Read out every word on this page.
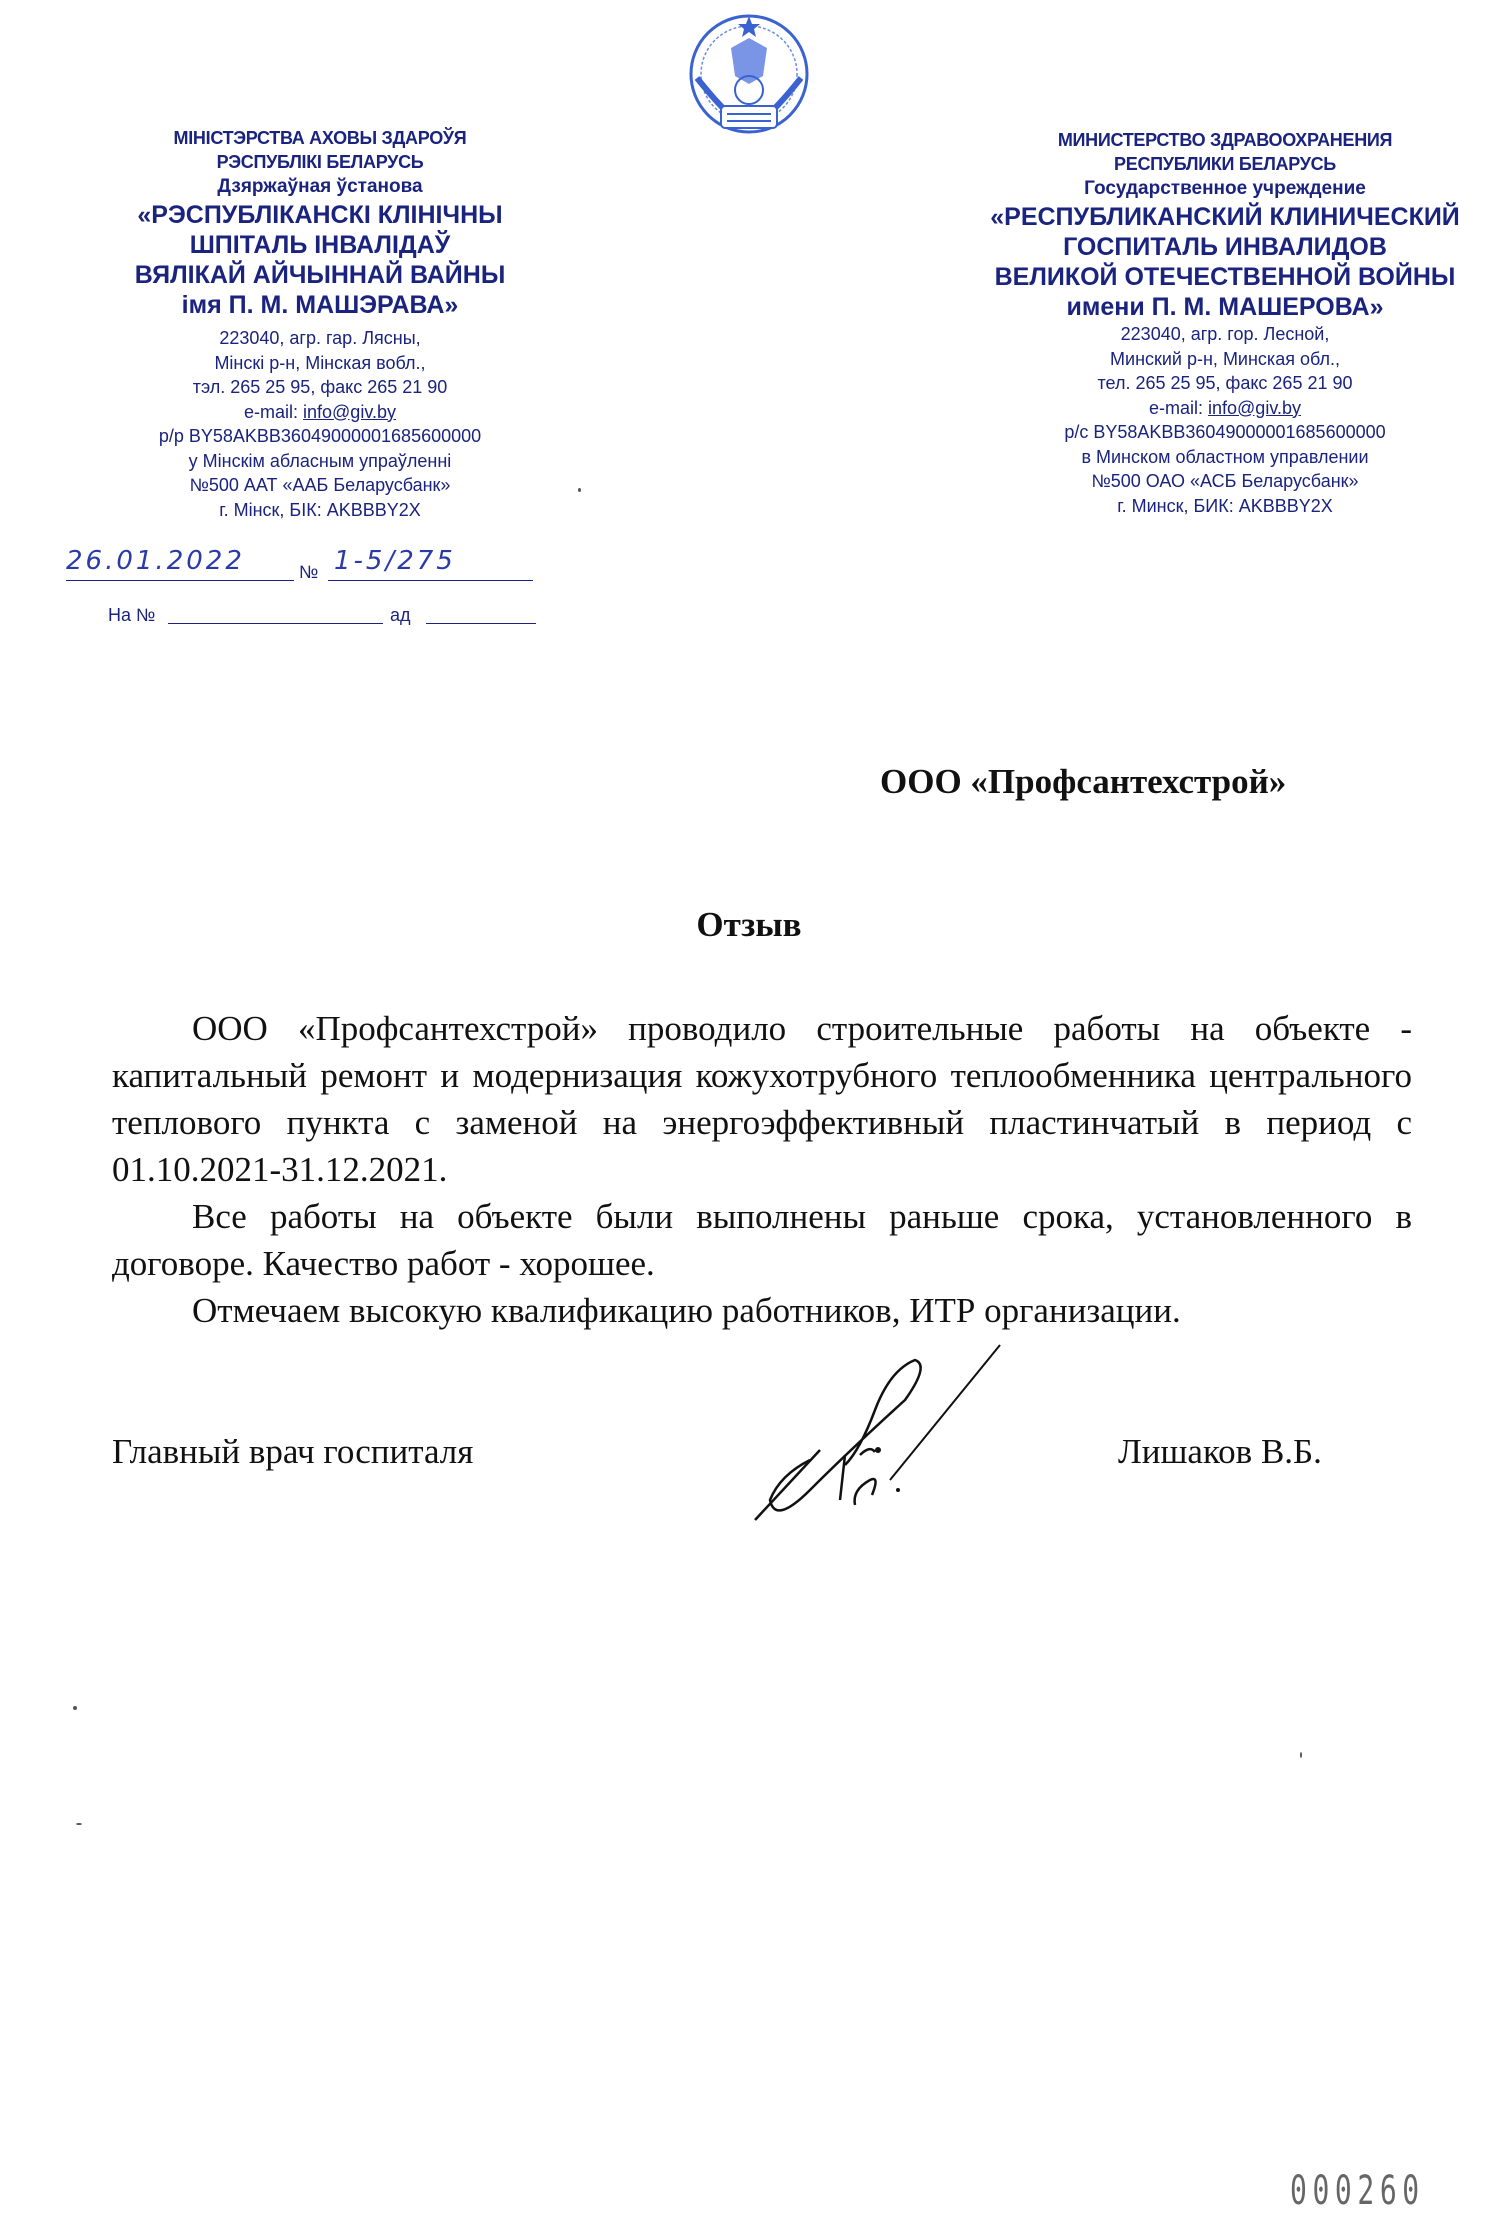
МІНІСТЭРСТВА АХОВЫ ЗДАРОЎЯ
РЭСПУБЛІКІ БЕЛАРУСЬ
Дзяржаўная ўстанова
«РЭСПУБЛІКАНСКІ КЛІНІЧНЫ
ШПІТАЛЬ ІНВАЛІДАЎ
ВЯЛІКАЙ АЙЧЫННАЙ ВАЙНЫ
імя П. М. МАШЭРАВА»
223040, агр. гар. Лясны,
Мінскі р-н, Мінская вобл.,
тэл. 265 25 95, факс 265 21 90
e-mail: info@giv.by
р/р BY58AKBB36049000001685600000
у Мінскім абласным упраўленні
№500 ААТ «ААБ Беларусбанк»
г. Мінск, БІК: AKBBBY2X
МИНИСТЕРСТВО ЗДРАВООХРАНЕНИЯ
РЕСПУБЛИКИ БЕЛАРУСЬ
Государственное учреждение
«РЕСПУБЛИКАНСКИЙ КЛИНИЧЕСКИЙ
ГОСПИТАЛЬ ИНВАЛИДОВ
ВЕЛИКОЙ ОТЕЧЕСТВЕННОЙ ВОЙНЫ
имени П. М. МАШЕРОВА»
223040, агр. гор. Лесной,
Минский р-н, Минская обл.,
тел. 265 25 95, факс 265 21 90
e-mail: info@giv.by
р/с BY58AKBB36049000001685600000
в Минском областном управлении
№500 ОАО «АСБ Беларусбанк»
г. Минск, БИК: AKBBBY2X
26.01.2022	№ 1-5/275
На №	ад
ООО «Профсантехстрой»
Отзыв

ООО «Профсантехстрой» проводило строительные работы на объекте - капитальный ремонт и модернизация кожухотрубного теплообменника центрального теплового пункта с заменой на энергоэффективный пластинчатый в период с 01.10.2021-31.12.2021.

Все работы на объекте были выполнены раньше срока, установленного в договоре. Качество работ - хорошее.

Отмечаем высокую квалификацию работников, ИТР организации.

Главный врач госпиталя	Лишаков В.Б.
000260
